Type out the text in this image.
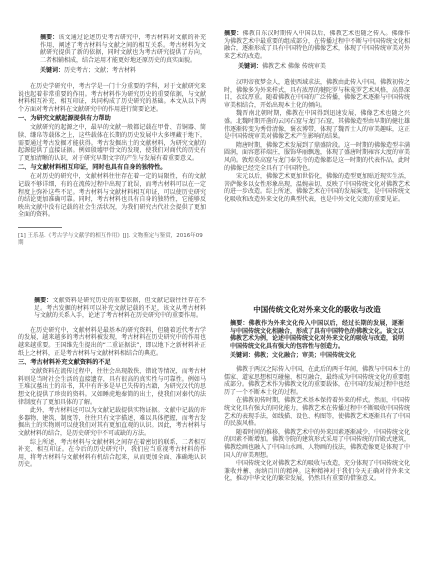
摘要：该文通过论述历史考古研究中，考古材料对文献的补充作用，阐述了考古材料与文献之间的相互关系。考古材料为文献研究提供了新的依据，同时文献也为考古研究提供了方向，二者相辅相成，结合运用才能更好地还原历史的真实面貌。

关键词：历史考古；文献；考古材料

在历史学研究中，考古学是一门十分重要的学科，对于文献研究来说也起着非常重要的作用。考古材料作为研究历史的重要依据，与文献材料相互补充、相互印证，共同构成了历史研究的基础。本文从以下两个方面对考古材料在文献研究中的作用进行简要论述。

一、为研究文献起源提供有力帮助

文献研究的起源之中，最早的文献一般都记载在甲骨、青铜器、简牍、缣帛等载体之上，这些载体在长期的历史发展中大多埋藏于地下，需要通过考古发掘才能获得。考古发掘出土的文献材料，为研究文献的起源提供了直接证据。例如殷墟甲骨文的发现，使我们对商代的历史有了更加清晰的认识，对于研究早期文字的产生与发展有着重要意义。

二、与文献材料相互印证，同时也具有自身的独特性。

在对历史的研究中，文献材料往往存在着一定的局限性，有的文献记载不够详细，有的在流传过程中出现了讹误，而考古材料可以在一定程度上弥补这些不足。考古材料与文献材料相互印证，可以使历史研究的结论更加准确可靠。同时，考古材料也具有自身的独特性，它能够反映出文献中没有记载的社会生活状况，为我们研究古代社会提供了更加全面的资料。

[1] 王乐基.《考古学与文献学的相互作用》[J]. 文物鉴定与鉴赏，2016年09期

摘要：佛教自东汉时期传入中国以后，佛教艺术也随之传入。佛像作为佛教艺术中最重要的组成部分，在传播过程中不断与中国传统文化相融合，逐渐形成了具有中国特色的佛像艺术，体现了中国传统审美对外来艺术的改造。

关键词：佛教艺术 佛像 传统审美

汉明帝夜梦金人，遣使西域求法，佛教由此传入中国。佛教初传之时，佛像多为外来样式，具有浓厚的犍陀罗与秣菟罗艺术风格，高鼻深目，衣纹厚重。随着佛教在中国的广泛传播，佛像艺术逐渐与中国传统审美相结合，开始出现本土化的倾向。

魏晋南北朝时期，佛教在中国得到迅速发展，佛像艺术也随之兴盛。北魏时期开凿的云冈石窟与龙门石窟，其佛像造型由早期的健壮雄伟逐渐转变为秀骨清像，褒衣博带，体现了魏晋士人的审美趣味，这正是中国传统审美对佛像艺术产生影响的结果。

隋唐时期，佛像艺术发展到了鼎盛阶段。这一时期的佛像造型丰满圆润，面容慈祥端庄，服饰华丽飘逸，体现了盛唐时期雍容大度的审美风尚。敦煌莫高窟与龙门奉先寺的造像都是这一时期的代表作品，此时的佛像已经完全具有了中国特色。

宋元以后，佛像艺术更加世俗化，佛像的造型更加贴近现实生活，菩萨像多以女性形象出现，温婉亲切，反映了中国传统文化对佛教艺术的进一步改造。综上所述，佛像艺术在中国的发展演变，是中国传统文化吸收和改造外来文化的典型代表，也是中外文化交流的重要见证。

摘要：文献资料是研究历史的重要依据，但文献记载往往存在不足。考古发掘的材料可以补充文献记载的不足，该文从考古材料与文献的关系入手，论述了考古材料在历史研究中的重要作用。

在历史研究中，文献材料是最基本的研究资料，但随着近代考古学的发展，越来越多的考古材料被发现，考古材料在历史研究中的作用也越来越重要。王国维先生提出的“二重证据法”，即以地下之新材料补正纸上之材料，正是考古材料与文献材料相结合的典范。

三、考古材料补充文献资料的不足

文献资料在流传过程中，往往会出现散佚、错讹等情况，而考古材料则是当时社会生活的直接遗存，具有很高的真实性与可靠性。例如马王堆汉墓出土的帛书，其中有许多是早已失传的古籍，为研究汉代的思想文化提供了珍贵的资料。又如睡虎地秦简的出土，使我们对秦代的法律制度有了更加具体的了解。

此外，考古材料还可以为文献记载提供实物证据。文献中记载的许多器物、建筑、制度等，往往只有文字描述，难以具体把握，而考古发掘出土的实物则可以使我们对其有更加直观的认识。因此，考古材料与文献材料的结合，是历史研究中不可或缺的方法。

综上所述，考古材料与文献材料之间存在着密切的联系，二者相互补充、相互印证。在今后的历史研究中，我们应当重视考古材料的作用，将考古材料与文献材料有机结合起来，从而更加全面、准确地认识历史。

中国传统文化对外来文化的吸收与改造

摘要：佛教作为外来文化传入中国以后，经过长期的发展，逐渐与中国传统文化相融合，形成了具有中国特色的佛教文化。该文以佛教艺术为例，论述中国传统文化对外来文化的吸收与改造，说明中国传统文化具有强大的包容性与创造力。

关键词：佛教；文化融合；审美；中国传统文化

佛教于两汉之际传入中国，在此后的两千年间，佛教与中国本土的儒家、道家思想相互碰撞、相互融合，最终成为中国传统文化的重要组成部分。佛教艺术作为佛教文化的重要载体，在中国的发展过程中也经历了一个不断本土化的过程。

在佛教初传时期，佛教艺术基本保持着外来的样式。然而，中国传统文化具有强大的同化能力，佛教艺术在传播过程中不断吸收中国传统艺术的表现手法，如线描、设色、构图等，使佛教艺术逐渐具有了中国的民族风格。

随着时间的推移，佛教艺术中的外来因素逐渐减少，中国传统文化的因素不断增加。佛教寺院的建筑形式采用了中国传统的宫殿式建筑，佛教绘画也融入了中国山水画、人物画的技法，佛教造像更是体现了中国人的审美理想。

中国传统文化对佛教艺术的吸收与改造，充分体现了中国传统文化兼收并蓄、海纳百川的精神。这种精神对于我们今天正确对待外来文化，推动中华文化的繁荣发展，仍然具有重要的借鉴意义。
